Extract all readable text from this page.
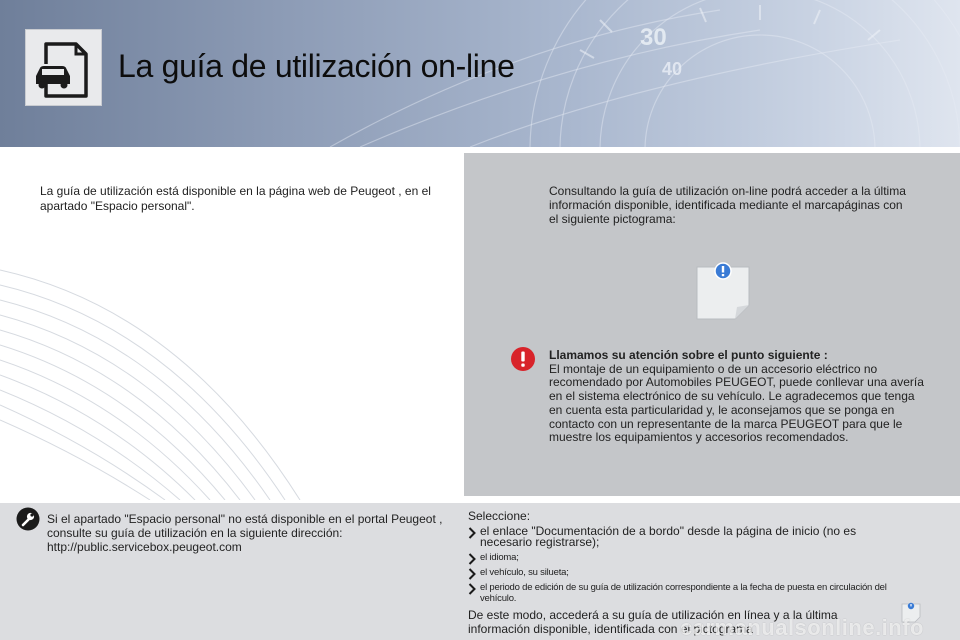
30
40
La guía de utilización on-line

La guía de utilización está disponible en la página web de Peugeot , en el apartado "Espacio personal".

Consultando la guía de utilización on-line podrá acceder a la última información disponible, identificada mediante el marcapáginas con el siguiente pictograma:

Llamamos su atención sobre el punto siguiente :
El montaje de un equipamiento o de un accesorio eléctrico no recomendado por Automobiles PEUGEOT, puede conllevar una avería en el sistema electrónico de su vehículo. Le agradecemos que tenga en cuenta esta particularidad y, le aconsejamos que se ponga en contacto con un representante de la marca PEUGEOT para que le muestre los equipamientos y accesorios recomendados.

Si el apartado "Espacio personal" no está disponible en el portal Peugeot , consulte su guía de utilización en la siguiente dirección: http://public.servicebox.peugeot.com

Seleccione:
el enlace "Documentación de a bordo" desde la página de inicio (no es necesario registrarse);
el idioma;
el vehículo, su silueta;
el periodo de edición de su guía de utilización correspondiente a la fecha de puesta en circulación del vehículo.

De este modo, accederá a su guía de utilización en línea y a la última información disponible, identificada con el pictograma

carmanualsonline.info
